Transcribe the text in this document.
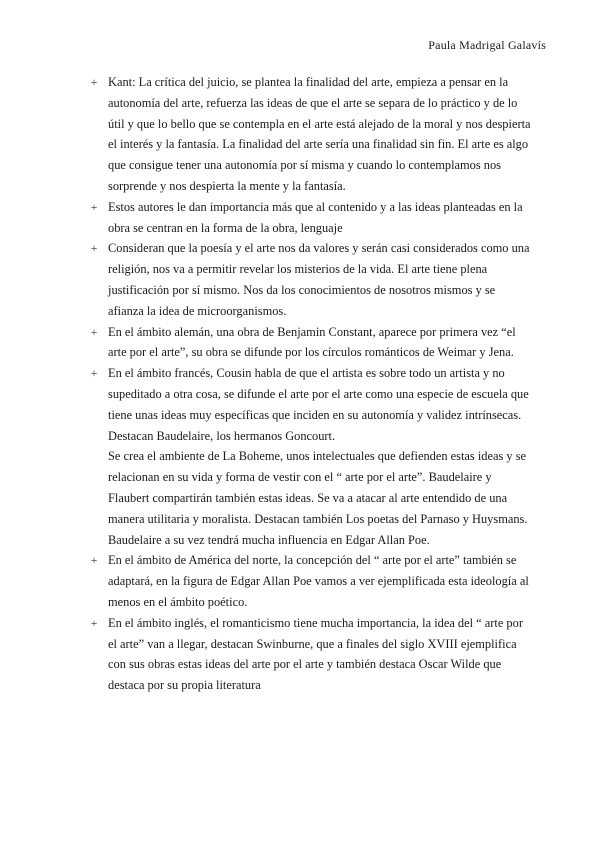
Paula Madrigal Galavís
+ Kant: La crítica del juicio, se plantea la finalidad del arte, empieza a pensar en la autonomía del arte, refuerza las ideas de que el arte se separa de lo práctico y de lo útil y que lo bello que se contempla en el arte está alejado de la moral y nos despierta el interés y la fantasía. La finalidad del arte sería una finalidad sin fin. El arte es algo que consigue tener una autonomía por sí misma y cuando lo contemplamos nos sorprende y nos despierta la mente y la fantasía.

+ Estos autores le dan importancia más que al contenido y a las ideas planteadas en la obra se centran en la forma de la obra, lenguaje

+ Consideran que la poesía y el arte nos da valores y serán casi considerados como una religión, nos va a permitir revelar los misterios de la vida. El arte tiene plena justificación por sí mismo. Nos da los conocimientos de nosotros mismos y se afianza la idea de microorganismos.

+ En el ámbito alemán, una obra de Benjamin Constant, aparece por primera vez “el arte por el arte”, su obra se difunde por los círculos románticos de Weimar y Jena.

+ En el ámbito francés, Cousin habla de que el artista es sobre todo un artista y no supeditado a otra cosa, se difunde el arte por el arte como una especie de escuela que tiene unas ideas muy específicas que inciden en su autonomía y validez intrínsecas. Destacan Baudelaire, los hermanos Goncourt.

Se crea el ambiente de La Boheme, unos intelectuales que defienden estas ideas y se relacionan en su vida y forma de vestir con el “ arte por el arte”. Baudelaire y Flaubert compartirán también estas ideas. Se va a atacar al arte entendido de una manera utilitaria y moralista. Destacan también Los poetas del Parnaso y Huysmans. Baudelaire a su vez tendrá mucha influencia en Edgar Allan Poe.

+ En el ámbito de América del norte, la concepción del “ arte por el arte” también se adaptará, en la figura de Edgar Allan Poe vamos a ver ejemplificada esta ideología al menos en el ámbito poético.

+ En el ámbito inglés, el romanticismo tiene mucha importancia, la idea del “ arte por el arte” van a llegar, destacan Swinburne, que a finales del siglo XVIII ejemplifica con sus obras estas ideas del arte por el arte y también destaca Oscar Wilde que destaca por su propia literatura
